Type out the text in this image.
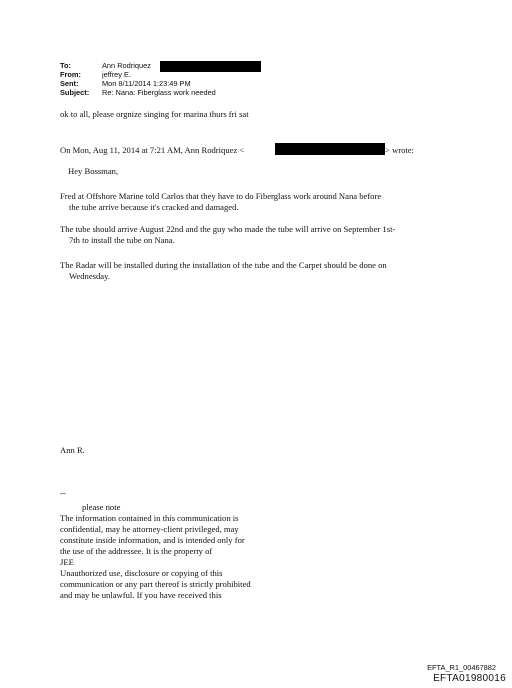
To:	Ann Rodriquez
From:	jeffrey E.
Sent:	Mon 8/11/2014 1:23:49 PM
Subject: Re: Nana: Fiberglass work needed
ok to all, please orgnize singing for marina thurs fri sat
On Mon, Aug 11, 2014 at 7:21 AM, Ann Rodriquez <	> wrote:
Hey Bossman,
Fred at Offshore Marine told Carlos that they have to do Fiberglass work around Nana before
the tube arrive because it's cracked and damaged.
The tube should arrive August 22nd and the guy who made the tube will arrive on September 1st-
7th to install the tube on Nana.
The Radar will be installed during the installation of the tube and the Carpet should be done on
Wednesday.
Ann R.
--
please note
The information contained in this communication is
confidential, may be attorney-client privileged, may
constitute inside information, and is intended only for
the use of the addressee. It is the property of
JEE
Unauthorized use, disclosure or copying of this
communication or any part thereof is strictly prohibited
and may be unlawful. If you have received this
EFTA_R1_00467882
EFTA01980016
